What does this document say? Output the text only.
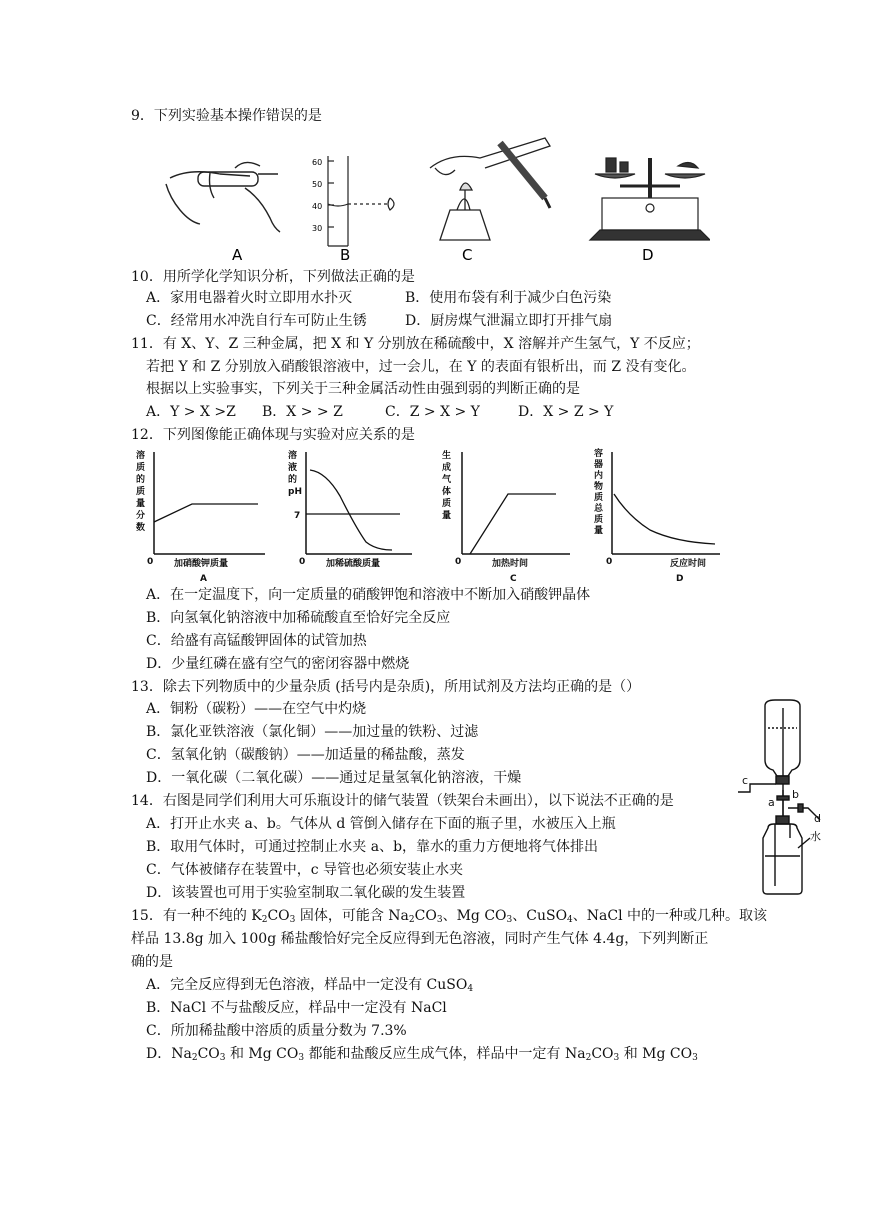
9．下列实验基本操作错误的是
A
60
50
40
30
B	C	D
10．用所学化学知识分析，下列做法正确的是
A．家用电器着火时立即用水扑灭	B．使用布袋有利于减少白色污染
C．经常用水冲洗自行车可防止生锈	D．厨房煤气泄漏立即打开排气扇
11．有 X、Y、Z 三种金属，把 X 和 Y 分别放在稀硫酸中，X 溶解并产生氢气，Y 不反应；
若把 Y 和 Z 分别放入硝酸银溶液中，过一会儿，在 Y 的表面有银析出，而 Z 没有变化。
根据以上实验事实，下列关于三种金属活动性由强到弱的判断正确的是
A．Y > X >Z B．X > > Z	C．Z > X > Y	D．X > Z > Y
12．下列图像能正确体现与实验对应关系的是
溶
质
的
质
量
分
数
0 加硝酸钾质量
A
溶
液
的
pH
7
0 加稀硫酸质量
生
成
气
体
质
量
0	加热时间
C
容
器
内
物
质
总
质
量
0	反应时间
D
A．在一定温度下，向一定质量的硝酸钾饱和溶液中不断加入硝酸钾晶体
B．向氢氧化钠溶液中加稀硫酸直至恰好完全反应
C．给盛有高锰酸钾固体的试管加热
D．少量红磷在盛有空气的密闭容器中燃烧
13．除去下列物质中的少量杂质 (括号内是杂质)，所用试剂及方法均正确的是（）
A．铜粉（碳粉）——在空气中灼烧
B．氯化亚铁溶液（氯化铜）——加过量的铁粉、过滤
C．氢氧化钠（碳酸钠）——加适量的稀盐酸，蒸发
D．一氧化碳（二氧化碳）——通过足量氢氧化钠溶液，干燥
14．右图是同学们利用大可乐瓶设计的储气装置（铁架台未画出），以下说法不正确的是
A．打开止水夹 a、b。气体从 d 管倒入储存在下面的瓶子里，水被压入上瓶
B．取用气体时，可通过控制止水夹 a、b，靠水的重力方便地将气体排出
C．气体被储存在装置中，c 导管也必须安装止水夹
D．该装置也可用于实验室制取二氧化碳的发生装置
c
a
b
d
水
15．有一种不纯的 $K_2CO_3$ 固体，可能含 $Na_2CO_3$、Mg $CO_3$、CuSO$_4$、NaCl 中的一种或几种。取该
样品 13.8g 加入 100g 稀盐酸恰好完全反应得到无色溶液，同时产生气体 4.4g，下列判断正
确的是
A．完全反应得到无色溶液，样品中一定没有 CuSO$_4$
B．NaCl 不与盐酸反应，样品中一定没有 NaCl
C．所加稀盐酸中溶质的质量分数为 7.3%
D．$Na_2CO_3$ 和 Mg $CO_3$ 都能和盐酸反应生成气体，样品中一定有 $Na_2CO_3$ 和 Mg $CO_3$
